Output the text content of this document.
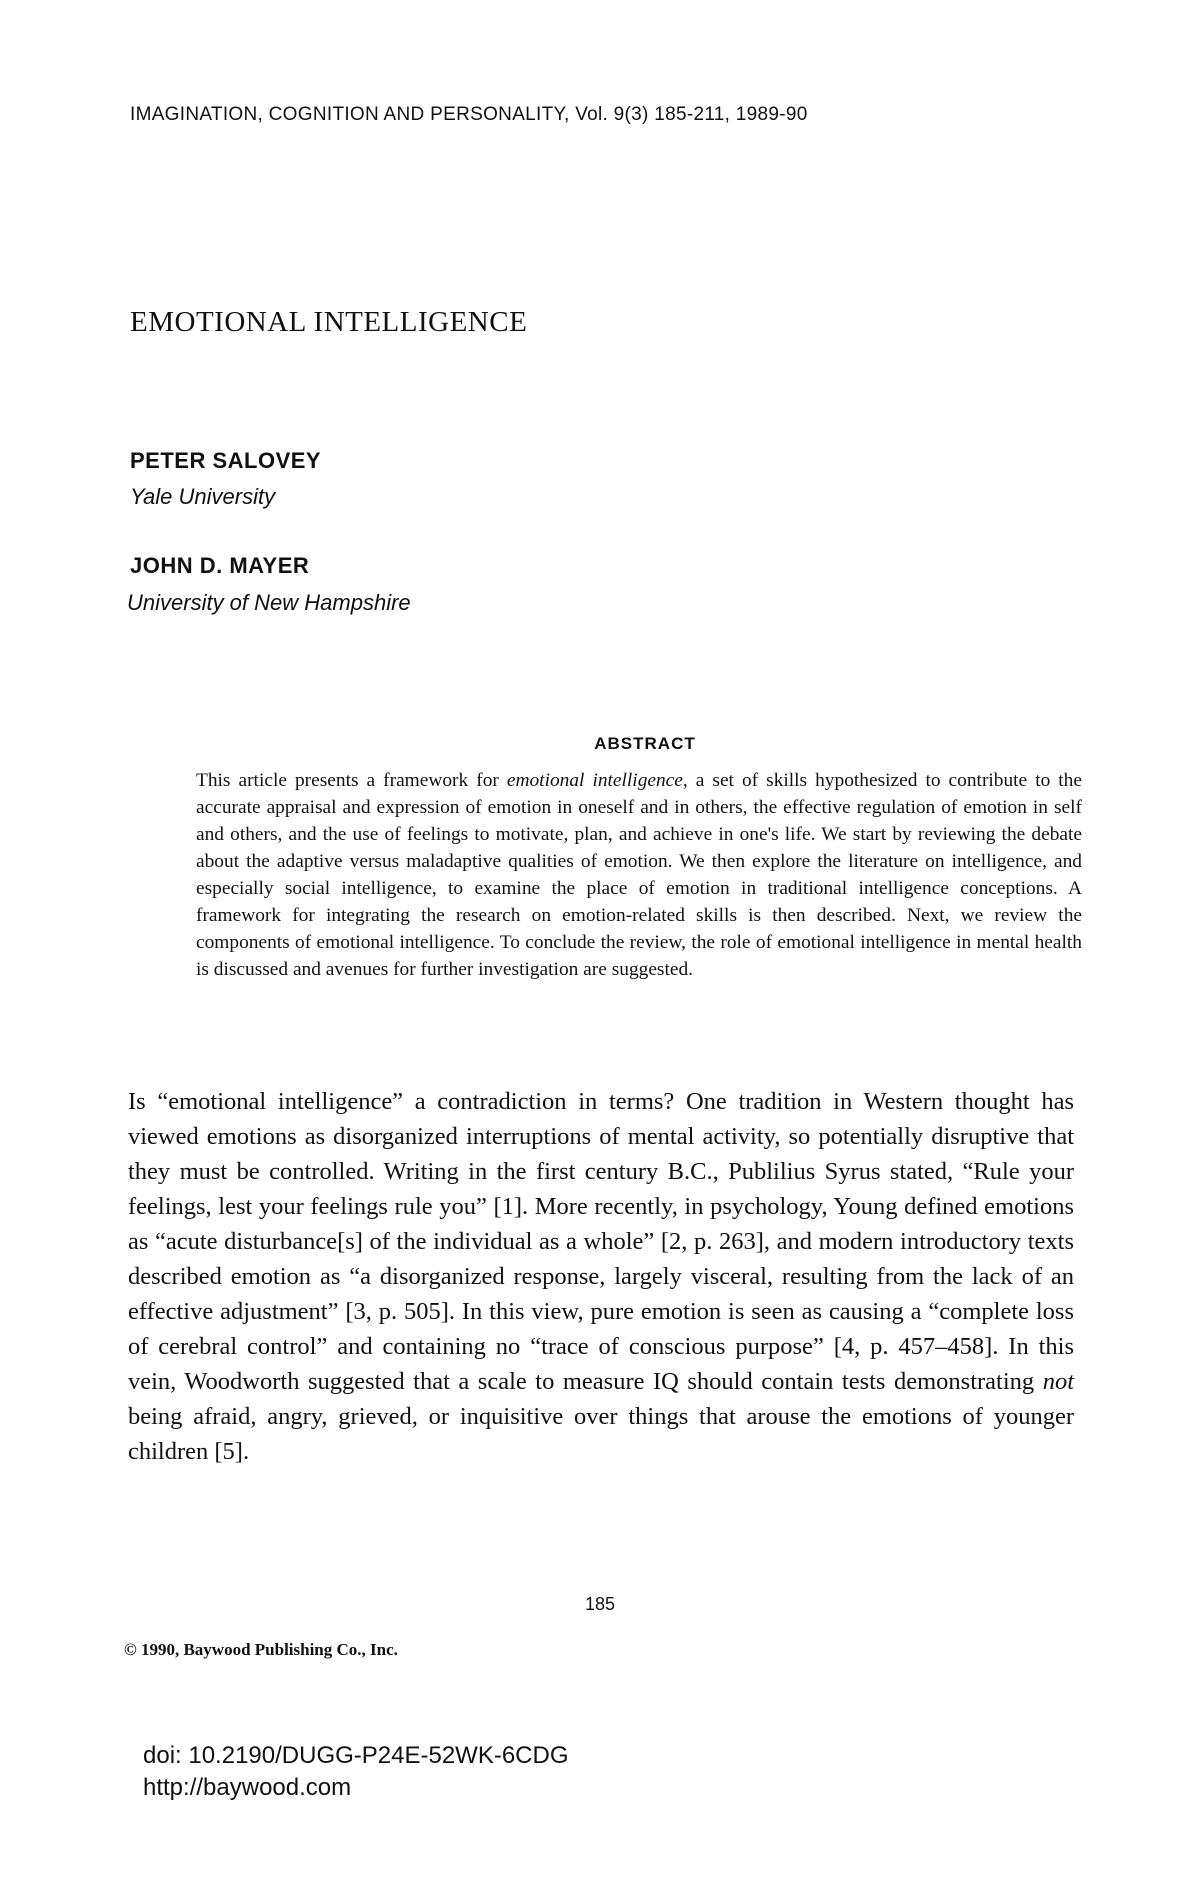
IMAGINATION, COGNITION AND PERSONALITY, Vol. 9(3) 185-211, 1989-90
EMOTIONAL INTELLIGENCE
PETER SALOVEY
Yale University
JOHN D. MAYER
University of New Hampshire
ABSTRACT
This article presents a framework for emotional intelligence, a set of skills hypothesized to contribute to the accurate appraisal and expression of emotion in oneself and in others, the effective regulation of emotion in self and others, and the use of feelings to motivate, plan, and achieve in one's life. We start by reviewing the debate about the adaptive versus maladaptive qualities of emotion. We then explore the literature on intelligence, and especially social intelligence, to examine the place of emotion in traditional intelligence conceptions. A framework for integrating the research on emotion-related skills is then described. Next, we review the components of emotional intelligence. To conclude the review, the role of emotional intelligence in mental health is discussed and avenues for further investigation are suggested.
Is “emotional intelligence” a contradiction in terms? One tradition in Western thought has viewed emotions as disorganized interruptions of mental activity, so potentially disruptive that they must be controlled. Writing in the first century B.C., Publilius Syrus stated, “Rule your feelings, lest your feelings rule you” [1]. More recently, in psychology, Young defined emotions as “acute disturbance[s] of the individual as a whole” [2, p. 263], and modern introductory texts described emotion as “a disorganized response, largely visceral, resulting from the lack of an effective adjustment” [3, p. 505]. In this view, pure emotion is seen as causing a “complete loss of cerebral control” and containing no “trace of conscious purpose” [4, p. 457–458]. In this vein, Woodworth suggested that a scale to measure IQ should contain tests demonstrating not being afraid, angry, grieved, or inquisitive over things that arouse the emotions of younger children [5].
185
© 1990, Baywood Publishing Co., Inc.
doi: 10.2190/DUGG-P24E-52WK-6CDG
http://baywood.com
